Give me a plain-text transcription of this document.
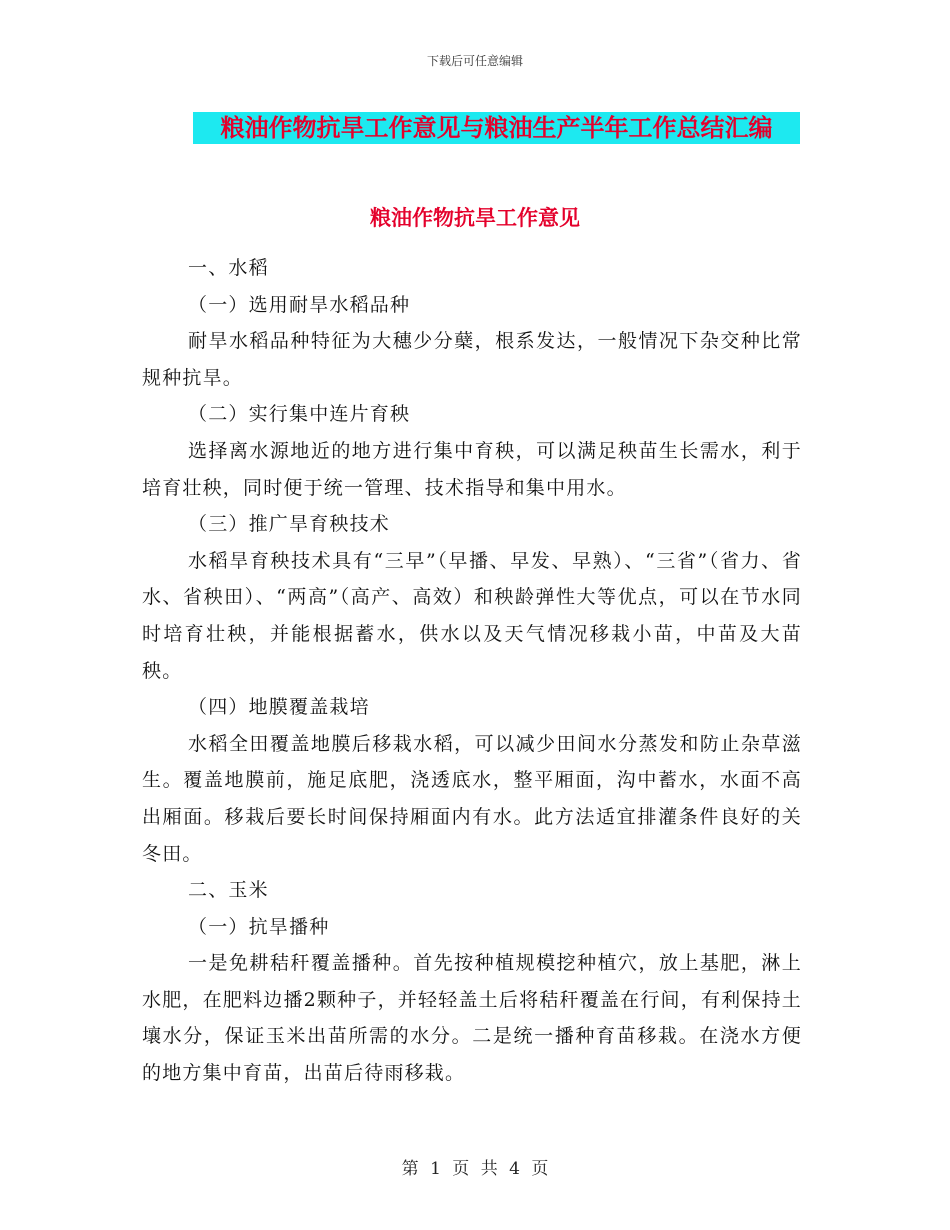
下载后可任意编辑
粮油作物抗旱工作意见与粮油生产半年工作总结汇编
粮油作物抗旱工作意见

一、水稻

（一）选用耐旱水稻品种

耐旱水稻品种特征为大穗少分蘖，根系发达，一般情况下杂交种比常规种抗旱。

（二）实行集中连片育秧

选择离水源地近的地方进行集中育秧，可以满足秧苗生长需水，利于培育壮秧，同时便于统一管理、技术指导和集中用水。

（三）推广旱育秧技术

水稻旱育秧技术具有“三早”（早播、早发、早熟）、“三省”（省力、省水、省秧田）、“两高”（高产、高效）和秧龄弹性大等优点，可以在节水同时培育壮秧，并能根据蓄水，供水以及天气情况移栽小苗，中苗及大苗秧。

（四）地膜覆盖栽培

水稻全田覆盖地膜后移栽水稻，可以减少田间水分蒸发和防止杂草滋生。覆盖地膜前，施足底肥，浇透底水，整平厢面，沟中蓄水，水面不高出厢面。移栽后要长时间保持厢面内有水。此方法适宜排灌条件良好的关冬田。

二、玉米

（一）抗旱播种

一是免耕秸秆覆盖播种。首先按种植规模挖种植穴，放上基肥，淋上水肥，在肥料边播2颗种子，并轻轻盖土后将秸秆覆盖在行间，有利保持土壤水分，保证玉米出苗所需的水分。二是统一播种育苗移栽。在浇水方便的地方集中育苗，出苗后待雨移栽。

第 1 页 共 4 页
